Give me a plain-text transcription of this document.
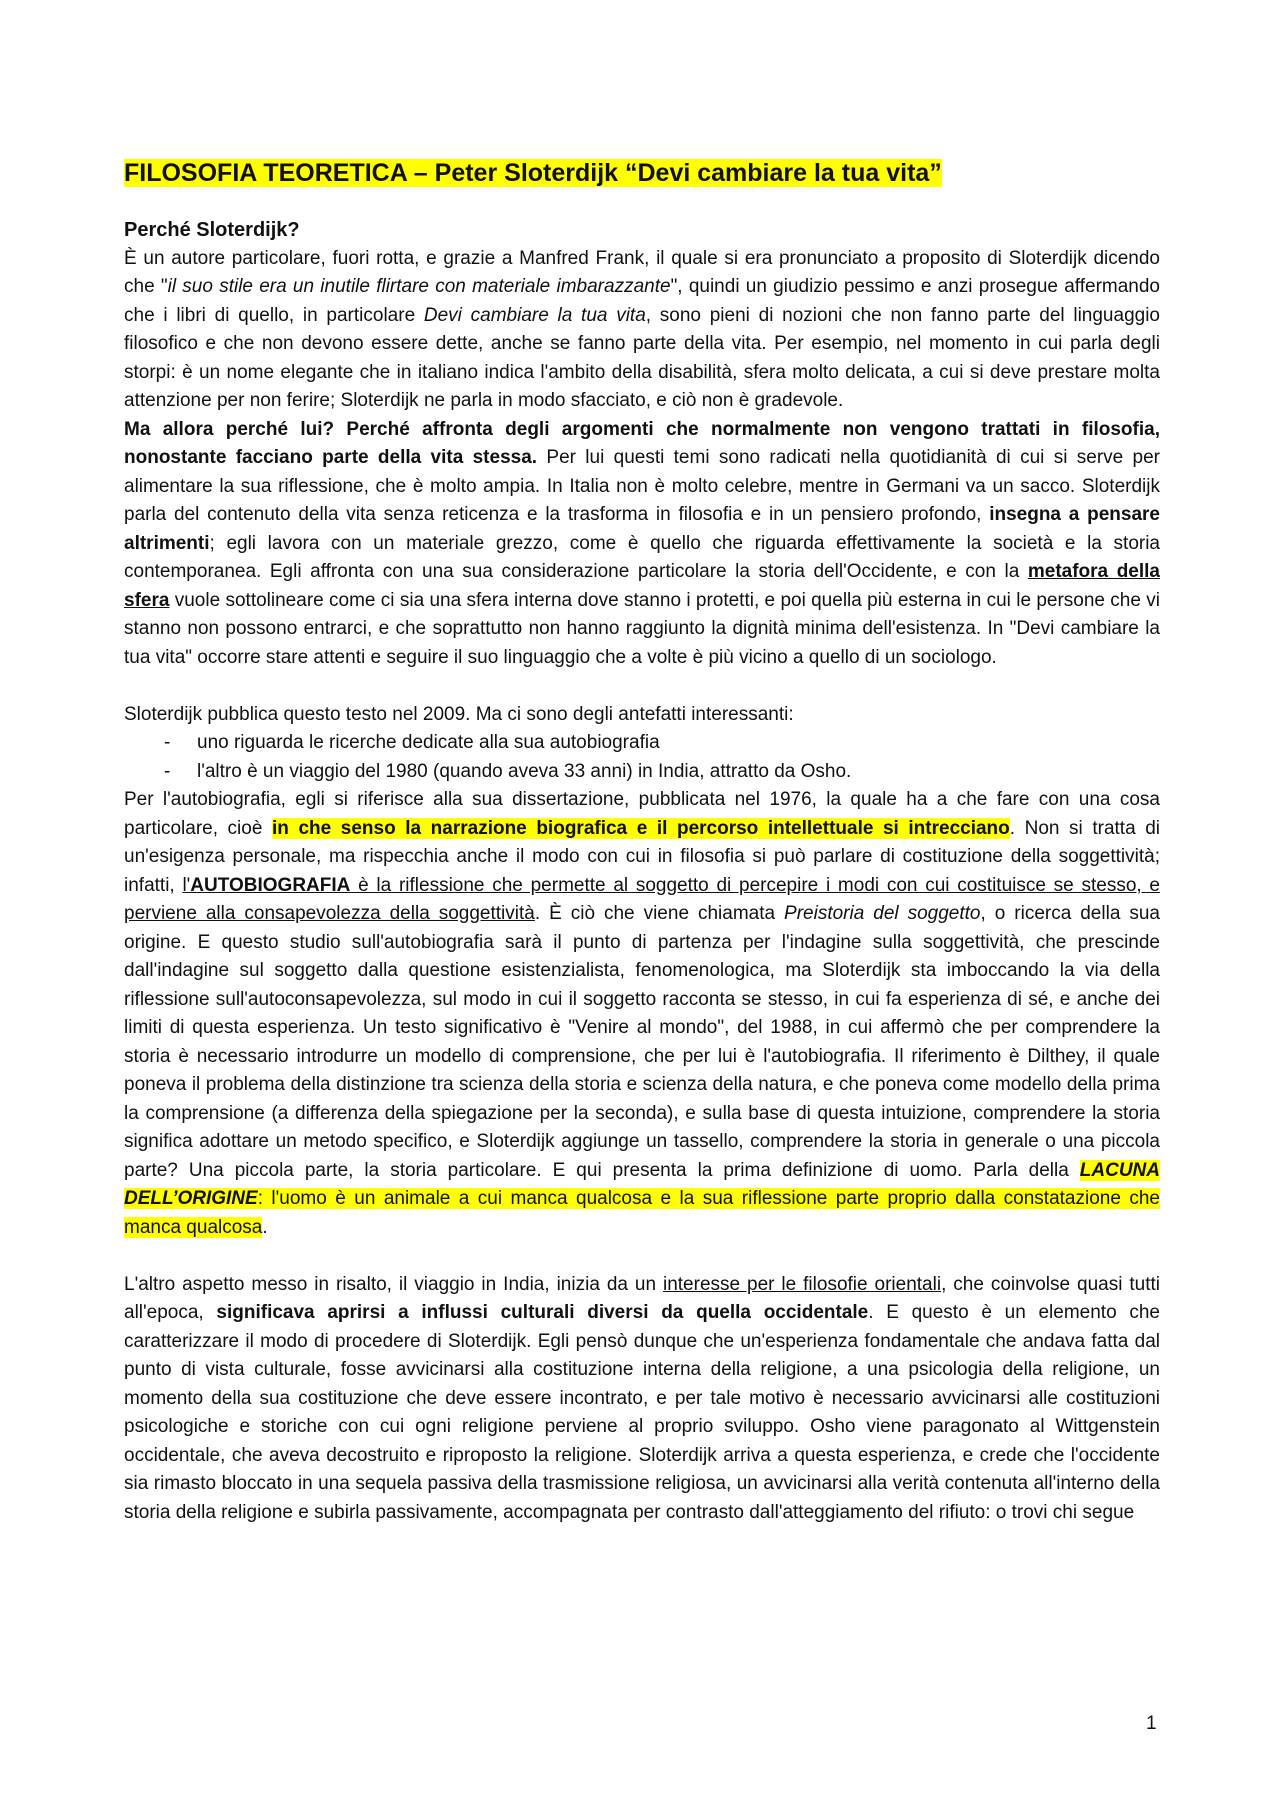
FILOSOFIA TEORETICA – Peter Sloterdijk “Devi cambiare la tua vita”
Perché Sloterdijk?

È un autore particolare, fuori rotta, e grazie a Manfred Frank, il quale si era pronunciato a proposito di Sloterdijk dicendo che "il suo stile era un inutile flirtare con materiale imbarazzante", quindi un giudizio pessimo e anzi prosegue affermando che i libri di quello, in particolare Devi cambiare la tua vita, sono pieni di nozioni che non fanno parte del linguaggio filosofico e che non devono essere dette, anche se fanno parte della vita. Per esempio, nel momento in cui parla degli storpi: è un nome elegante che in italiano indica l'ambito della disabilità, sfera molto delicata, a cui si deve prestare molta attenzione per non ferire; Sloterdijk ne parla in modo sfacciato, e ciò non è gradevole.

Ma allora perché lui? Perché affronta degli argomenti che normalmente non vengono trattati in filosofia, nonostante facciano parte della vita stessa. Per lui questi temi sono radicati nella quotidianità di cui si serve per alimentare la sua riflessione, che è molto ampia. In Italia non è molto celebre, mentre in Germani va un sacco. Sloterdijk parla del contenuto della vita senza reticenza e la trasforma in filosofia e in un pensiero profondo, insegna a pensare altrimenti; egli lavora con un materiale grezzo, come è quello che riguarda effettivamente la società e la storia contemporanea. Egli affronta con una sua considerazione particolare la storia dell'Occidente, e con la metafora della sfera vuole sottolineare come ci sia una sfera interna dove stanno i protetti, e poi quella più esterna in cui le persone che vi stanno non possono entrarci, e che soprattutto non hanno raggiunto la dignità minima dell'esistenza. In "Devi cambiare la tua vita" occorre stare attenti e seguire il suo linguaggio che a volte è più vicino a quello di un sociologo.

Sloterdijk pubblica questo testo nel 2009. Ma ci sono degli antefatti interessanti:

- uno riguarda le ricerche dedicate alla sua autobiografia
- l'altro è un viaggio del 1980 (quando aveva 33 anni) in India, attratto da Osho.

Per l'autobiografia, egli si riferisce alla sua dissertazione, pubblicata nel 1976, la quale ha a che fare con una cosa particolare, cioè in che senso la narrazione biografica e il percorso intellettuale si intrecciano. Non si tratta di un'esigenza personale, ma rispecchia anche il modo con cui in filosofia si può parlare di costituzione della soggettività; infatti, l'AUTOBIOGRAFIA è la riflessione che permette al soggetto di percepire i modi con cui costituisce se stesso, e perviene alla consapevolezza della soggettività. È ciò che viene chiamata Preistoria del soggetto, o ricerca della sua origine. E questo studio sull'autobiografia sarà il punto di partenza per l'indagine sulla soggettività, che prescinde dall'indagine sul soggetto dalla questione esistenzialista, fenomenologica, ma Sloterdijk sta imboccando la via della riflessione sull'autoconsapevolezza, sul modo in cui il soggetto racconta se stesso, in cui fa esperienza di sé, e anche dei limiti di questa esperienza. Un testo significativo è "Venire al mondo", del 1988, in cui affermò che per comprendere la storia è necessario introdurre un modello di comprensione, che per lui è l'autobiografia. Il riferimento è Dilthey, il quale poneva il problema della distinzione tra scienza della storia e scienza della natura, e che poneva come modello della prima la comprensione (a differenza della spiegazione per la seconda), e sulla base di questa intuizione, comprendere la storia significa adottare un metodo specifico, e Sloterdijk aggiunge un tassello, comprendere la storia in generale o una piccola parte? Una piccola parte, la storia particolare. E qui presenta la prima definizione di uomo. Parla della LACUNA DELL’ORIGINE: l'uomo è un animale a cui manca qualcosa e la sua riflessione parte proprio dalla constatazione che manca qualcosa.

L'altro aspetto messo in risalto, il viaggio in India, inizia da un interesse per le filosofie orientali, che coinvolse quasi tutti all'epoca, significava aprirsi a influssi culturali diversi da quella occidentale. E questo è un elemento che caratterizzare il modo di procedere di Sloterdijk. Egli pensò dunque che un'esperienza fondamentale che andava fatta dal punto di vista culturale, fosse avvicinarsi alla costituzione interna della religione, a una psicologia della religione, un momento della sua costituzione che deve essere incontrato, e per tale motivo è necessario avvicinarsi alle costituzioni psicologiche e storiche con cui ogni religione perviene al proprio sviluppo. Osho viene paragonato al Wittgenstein occidentale, che aveva decostruito e riproposto la religione. Sloterdijk arriva a questa esperienza, e crede che l'occidente sia rimasto bloccato in una sequela passiva della trasmissione religiosa, un avvicinarsi alla verità contenuta all'interno della storia della religione e subirla passivamente, accompagnata per contrasto dall'atteggiamento del rifiuto: o trovi chi segue

1
